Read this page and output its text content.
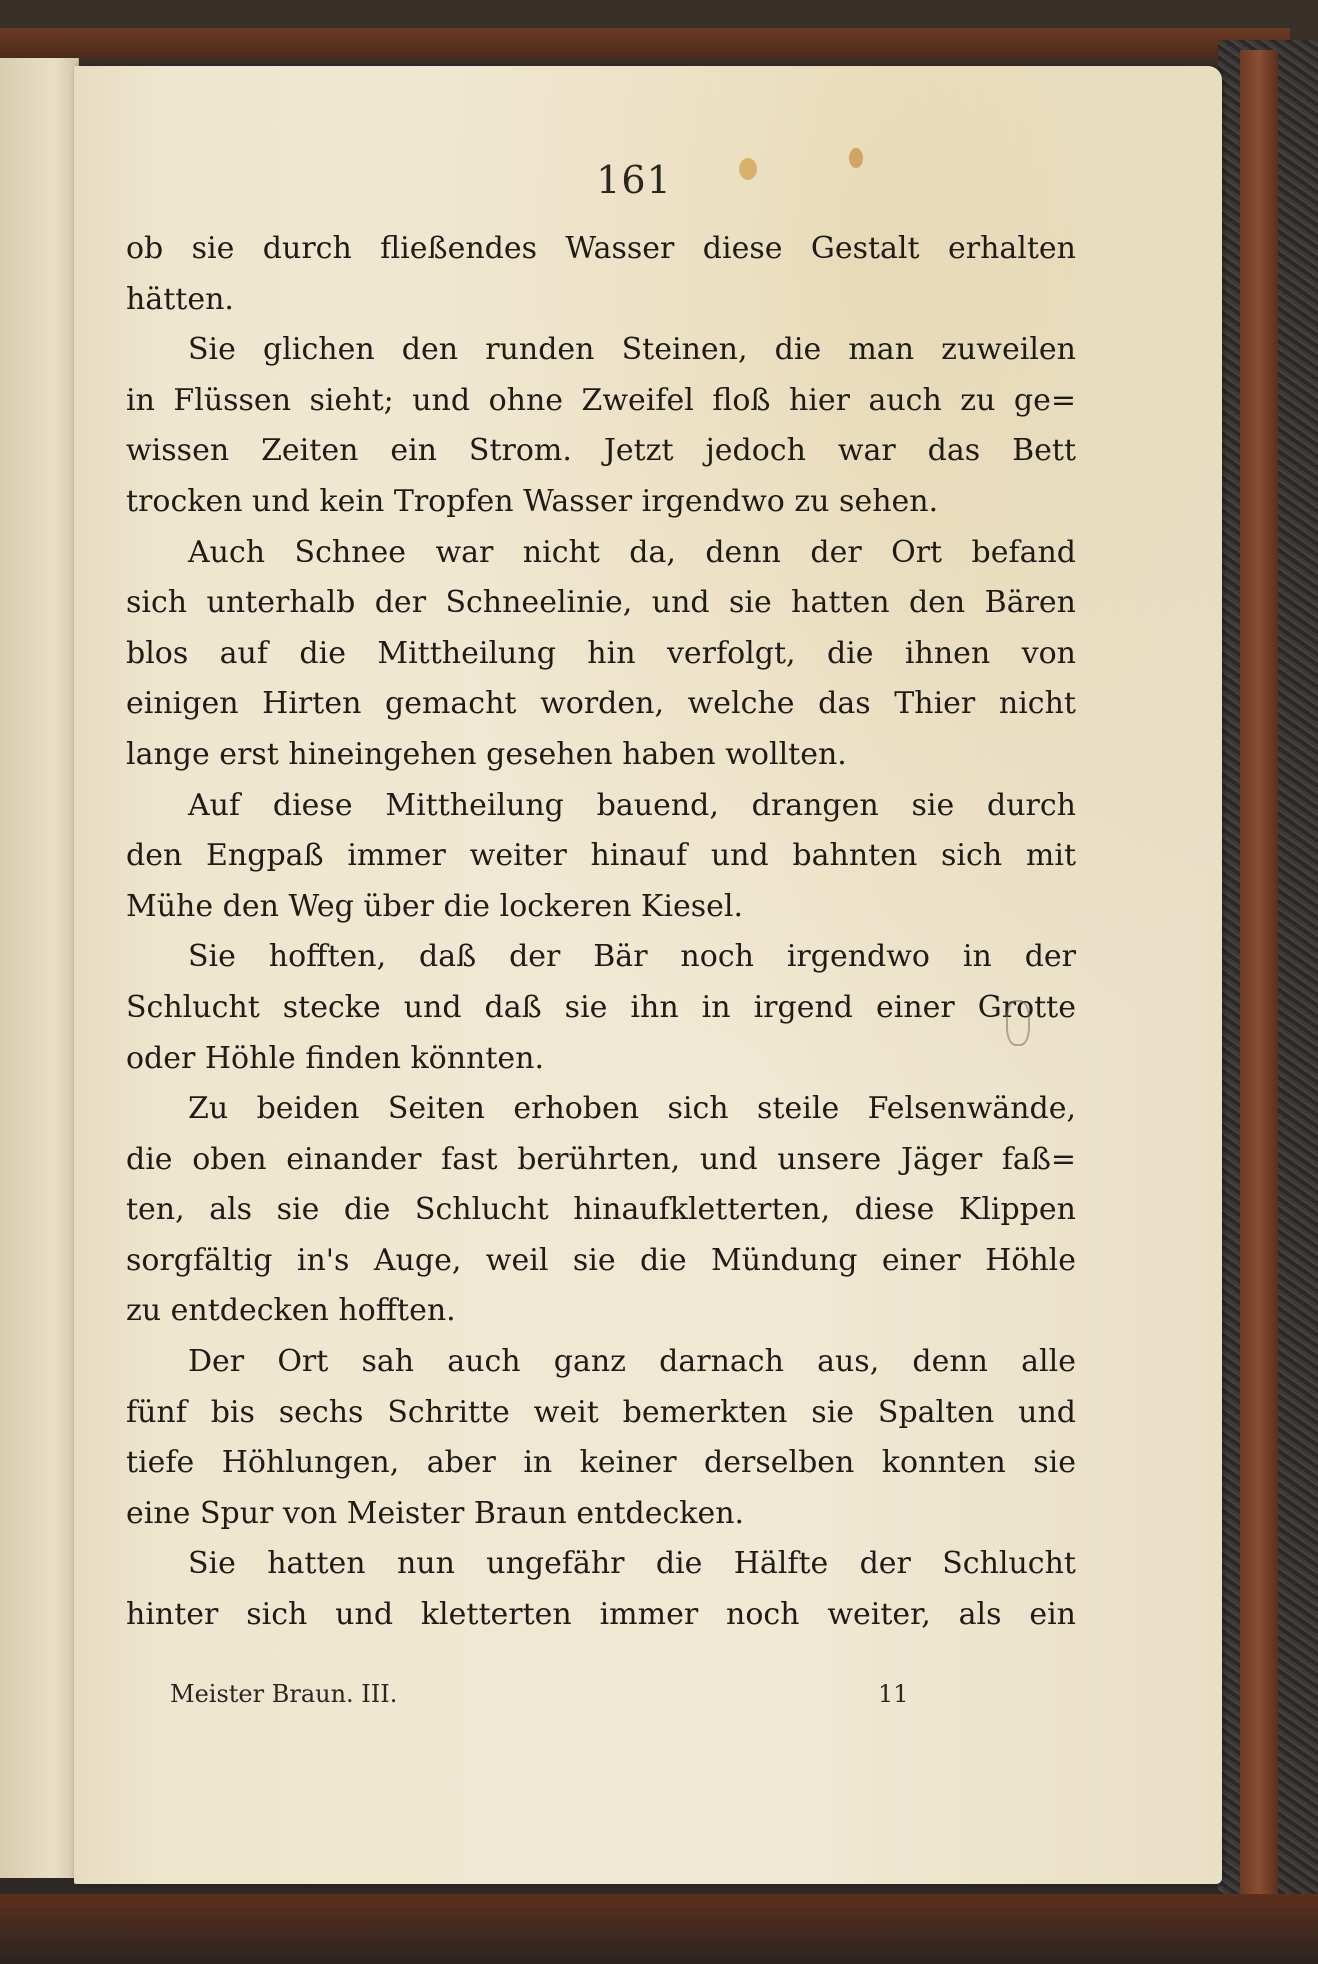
161
ob sie durch fließendes Wasser diese Gestalt erhalten
hätten.
Sie glichen den runden Steinen, die man zuweilen
in Flüssen sieht; und ohne Zweifel floß hier auch zu ge=
wissen Zeiten ein Strom. Jetzt jedoch war das Bett
trocken und kein Tropfen Wasser irgendwo zu sehen.
Auch Schnee war nicht da, denn der Ort befand
sich unterhalb der Schneelinie, und sie hatten den Bären
blos auf die Mittheilung hin verfolgt, die ihnen von
einigen Hirten gemacht worden, welche das Thier nicht
lange erst hineingehen gesehen haben wollten.
Auf diese Mittheilung bauend, drangen sie durch
den Engpaß immer weiter hinauf und bahnten sich mit
Mühe den Weg über die lockeren Kiesel.
Sie hofften, daß der Bär noch irgendwo in der
Schlucht stecke und daß sie ihn in irgend einer Grotte
oder Höhle finden könnten.
Zu beiden Seiten erhoben sich steile Felsenwände,
die oben einander fast berührten, und unsere Jäger faß=
ten, als sie die Schlucht hinaufkletterten, diese Klippen
sorgfältig in's Auge, weil sie die Mündung einer Höhle
zu entdecken hofften.
Der Ort sah auch ganz darnach aus, denn alle
fünf bis sechs Schritte weit bemerkten sie Spalten und
tiefe Höhlungen, aber in keiner derselben konnten sie
eine Spur von Meister Braun entdecken.
Sie hatten nun ungefähr die Hälfte der Schlucht
hinter sich und kletterten immer noch weiter, als ein
Meister Braun. III.	11
